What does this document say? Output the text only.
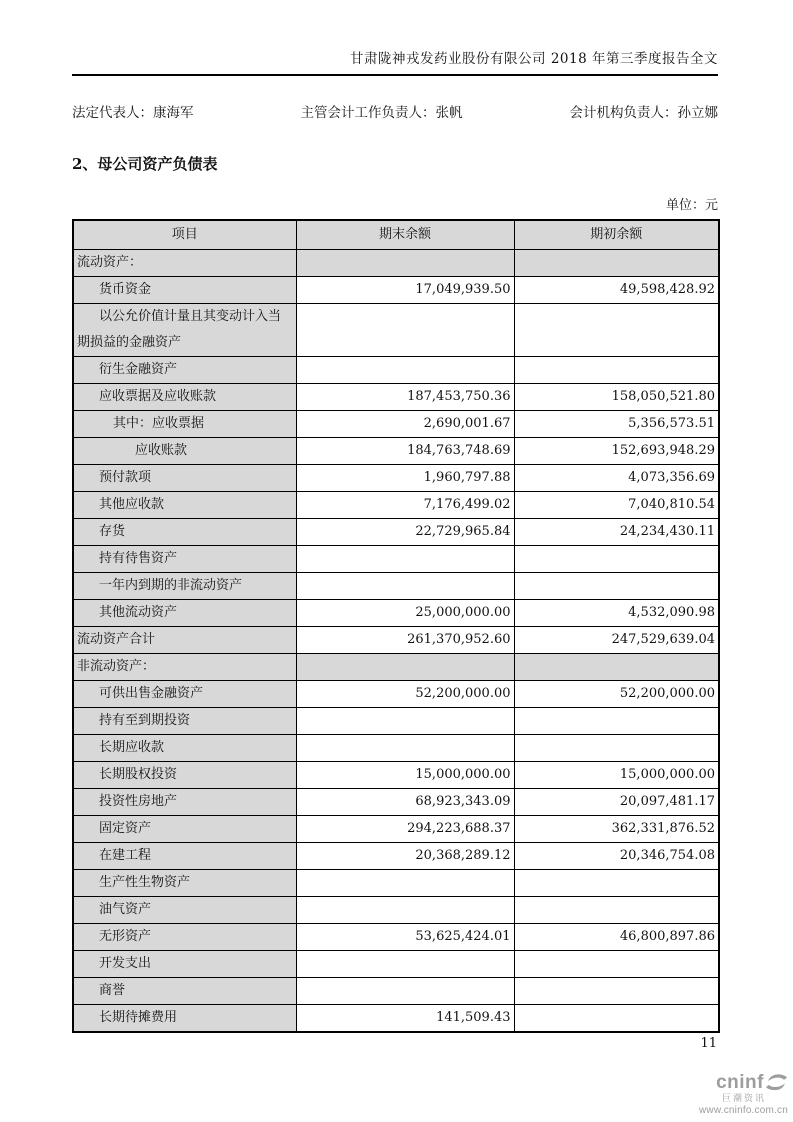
甘肃陇神戎发药业股份有限公司 2018 年第三季度报告全文
法定代表人：康海军	主管会计工作负责人：张帆	会计机构负责人：孙立娜
2、母公司资产负债表
单位：元
项目	期末余额	期初余额
流动资产：		
货币资金	17,049,939.50	49,598,428.92
以公允价值计量且其变动计入当期损益的金融资产		
衍生金融资产		
应收票据及应收账款	187,453,750.36	158,050,521.80
其中：应收票据	2,690,001.67	5,356,573.51
应收账款	184,763,748.69	152,693,948.29
预付款项	1,960,797.88	4,073,356.69
其他应收款	7,176,499.02	7,040,810.54
存货	22,729,965.84	24,234,430.11
持有待售资产		
一年内到期的非流动资产		
其他流动资产	25,000,000.00	4,532,090.98
流动资产合计	261,370,952.60	247,529,639.04
非流动资产：		
可供出售金融资产	52,200,000.00	52,200,000.00
持有至到期投资		
长期应收款		
长期股权投资	15,000,000.00	15,000,000.00
投资性房地产	68,923,343.09	20,097,481.17
固定资产	294,223,688.37	362,331,876.52
在建工程	20,368,289.12	20,346,754.08
生产性生物资产		
油气资产		
无形资产	53,625,424.01	46,800,897.86
开发支出		
商誉		
长期待摊费用	141,509.43	
11
cninf
巨潮资讯
www.cninfo.com.cn
